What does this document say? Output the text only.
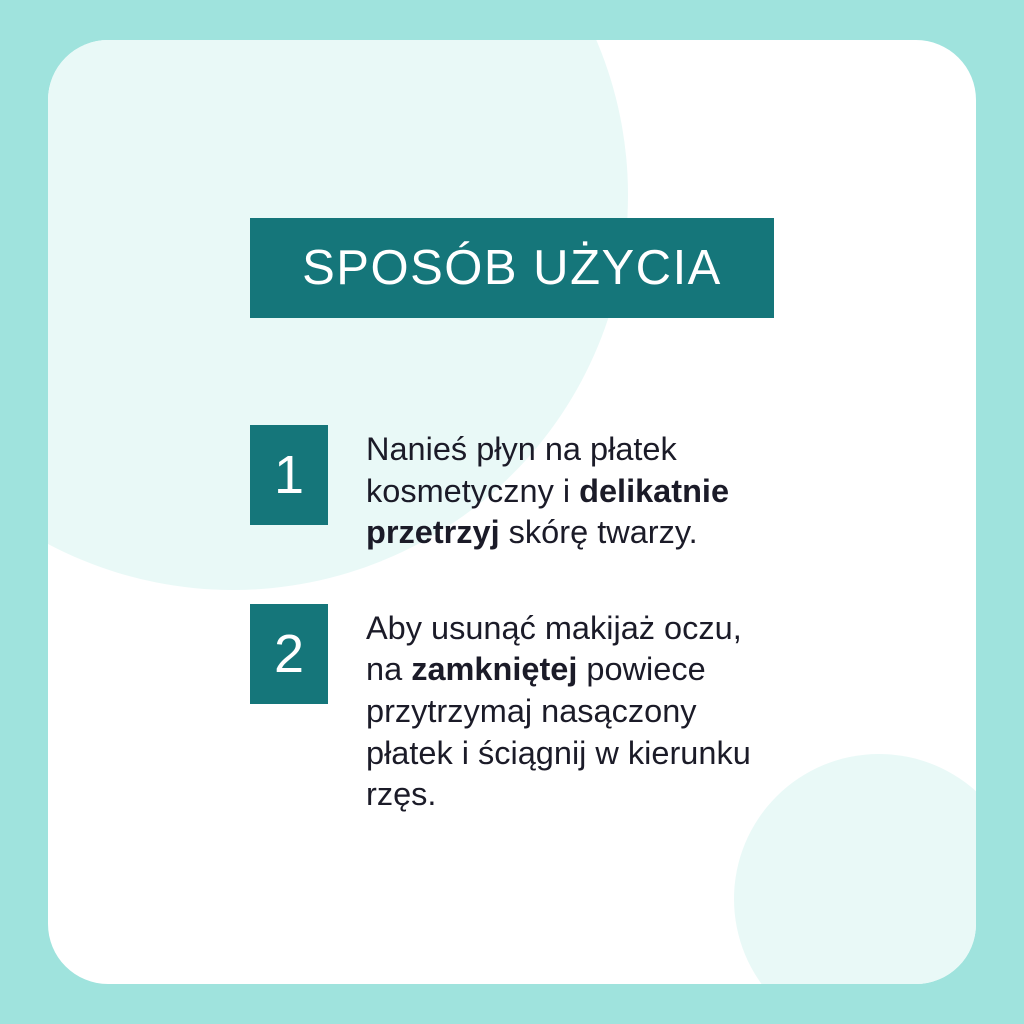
SPOSÓB UŻYCIA
1	Nanieś płyn na płatek kosmetyczny i delikatnie przetrzyj skórę twarzy.
2	Aby usunąć makijaż oczu, na zamkniętej powiece przytrzymaj nasączony płatek i ściągnij w kierunku rzęs.
